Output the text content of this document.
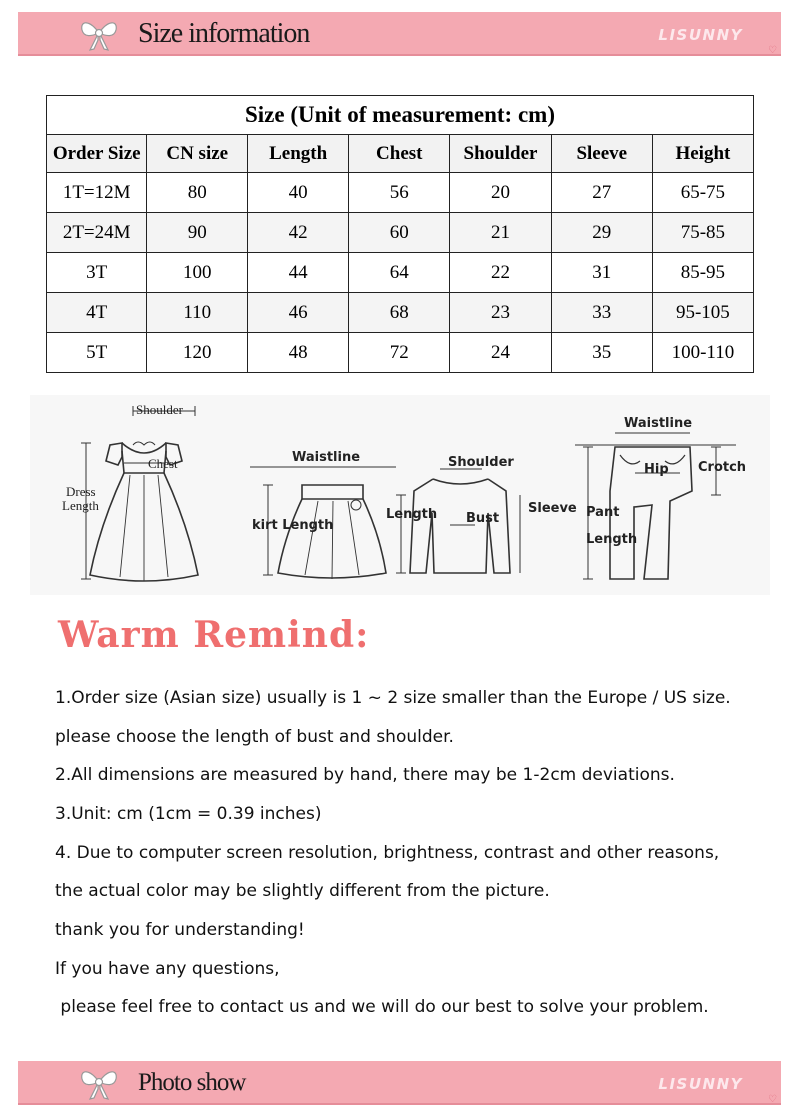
Size information	LISUNNY
♡
Size (Unit of measurement: cm)						
Order Size	CN size	Length	Chest	Shoulder	Sleeve	Height
1T=12M	80	40	56	20	27	65-75
2T=24M	90	42	60	21	29	75-85
3T	100	44	64	22	31	85-95
4T	110	46	68	23	33	95-105
5T	120	48	72	24	35	100-110
Shoulder
Chest
Dress
Length
Waistline
kirt Length
Shoulder
Length Bust
Sleeve
Waistline
Hip Crotch
Pant
Length
Warm Remind:
1.Order size (Asian size) usually is 1 ~ 2 size smaller than the Europe / US size.
please choose the length of bust and shoulder.
2.All dimensions are measured by hand, there may be 1-2cm deviations.
3.Unit: cm (1cm = 0.39 inches)
4. Due to computer screen resolution, brightness, contrast and other reasons,
the actual color may be slightly different from the picture.
thank you for understanding!
If you have any questions,
please feel free to contact us and we will do our best to solve your problem.
Photo show	LISUNNY
♡
